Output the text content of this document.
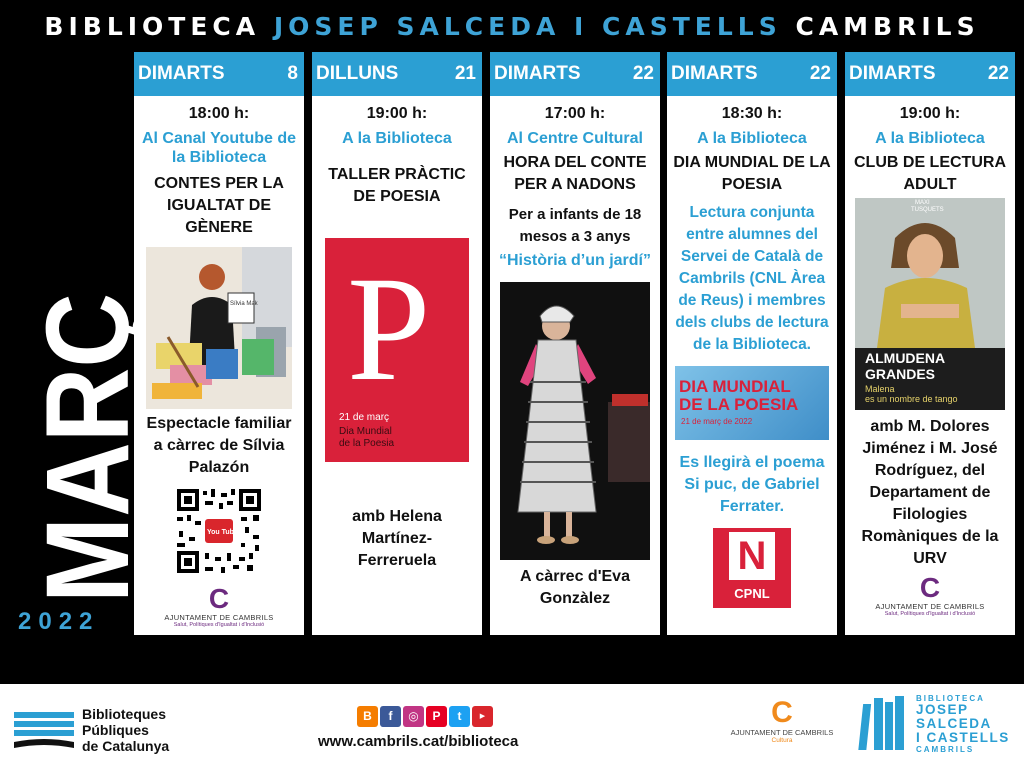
BIBLIOTECA JOSEP SALCEDA I CASTELLS CAMBRILS
MARÇ
2022
DIMARTS	8
18:00 h:
Al Canal Youtube de la Biblioteca
CONTES PER LA IGUALTAT DE GÈNERE
Sílvia Mak
Espectacle familiar a càrrec de Sílvia Palazón
You Tube
C
AJUNTAMENT DE CAMBRILS
Salut, Polítiques d'Igualtat i d'Inclusió
DILLUNS	21
19:00 h:
A la Biblioteca
TALLER PRÀCTIC DE POESIA
P
21 de març
Dia Mundial
de la Poesia
amb Helena Martínez-Ferreruela
DIMARTS	22
17:00 h:
Al Centre Cultural
HORA DEL CONTE PER A NADONS
Per a infants de 18 mesos a 3 anys
“Història d’un jardí”
A càrrec d'Eva Gonzàlez
DIMARTS	22
18:30 h:
A la Biblioteca
DIA MUNDIAL DE LA POESIA
Lectura conjunta entre alumnes del Servei de Català de Cambrils (CNL Àrea de Reus) i membres dels clubs de lectura de la Biblioteca.
DIA MUNDIAL
DE LA POESIA
21 de març de 2022
Es llegirà el poema Si puc, de Gabriel Ferrater.
N
CPNL
DIMARTS	22
19:00 h:
A la Biblioteca
CLUB DE LECTURA ADULT
MAXI
TUSQUETS
ALMUDENA
GRANDES
Malena
es un nombre de tango
amb M. Dolores Jiménez i M. José Rodríguez, del Departament de Filologies Romàniques de la URV
C
AJUNTAMENT DE CAMBRILS
Salut, Polítiques d'Igualtat i d'Inclusió
Biblioteques
Públiques
de Catalunya
B	f	◎	P	t	▶
www.cambrils.cat/biblioteca
C
AJUNTAMENT DE CAMBRILS
Cultura
BIBLIOTECA
JOSEP
SALCEDA
I CASTELLS
CAMBRILS
